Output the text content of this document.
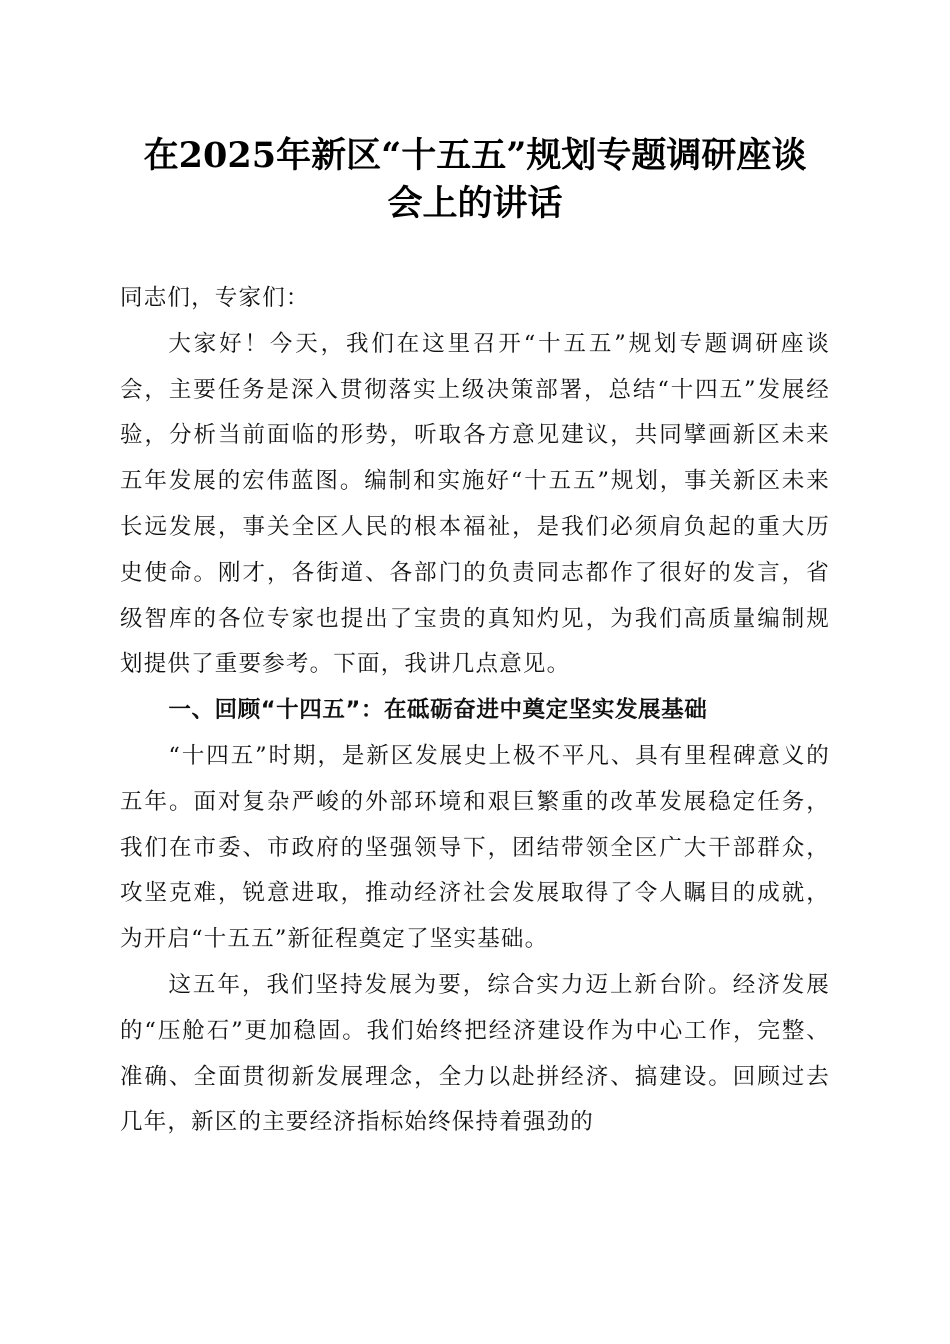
在2025年新区“十五五”规划专题调研座谈
会上的讲话

同志们，专家们：

大家好！今天，我们在这里召开“十五五”规划专题调研座谈会，主要任务是深入贯彻落实上级决策部署，总结“十四五”发展经验，分析当前面临的形势，听取各方意见建议，共同擘画新区未来五年发展的宏伟蓝图。编制和实施好“十五五”规划，事关新区未来长远发展，事关全区人民的根本福祉，是我们必须肩负起的重大历史使命。刚才，各街道、各部门的负责同志都作了很好的发言，省级智库的各位专家也提出了宝贵的真知灼见，为我们高质量编制规划提供了重要参考。下面，我讲几点意见。

一、回顾“十四五”：在砥砺奋进中奠定坚实发展基础

“十四五”时期，是新区发展史上极不平凡、具有里程碑意义的五年。面对复杂严峻的外部环境和艰巨繁重的改革发展稳定任务，我们在市委、市政府的坚强领导下，团结带领全区广大干部群众，攻坚克难，锐意进取，推动经济社会发展取得了令人瞩目的成就，为开启“十五五”新征程奠定了坚实基础。

这五年，我们坚持发展为要，综合实力迈上新台阶。经济发展的“压舱石”更加稳固。我们始终把经济建设作为中心工作，完整、准确、全面贯彻新发展理念，全力以赴拼经济、搞建设。回顾过去几年，新区的主要经济指标始终保持着强劲的
